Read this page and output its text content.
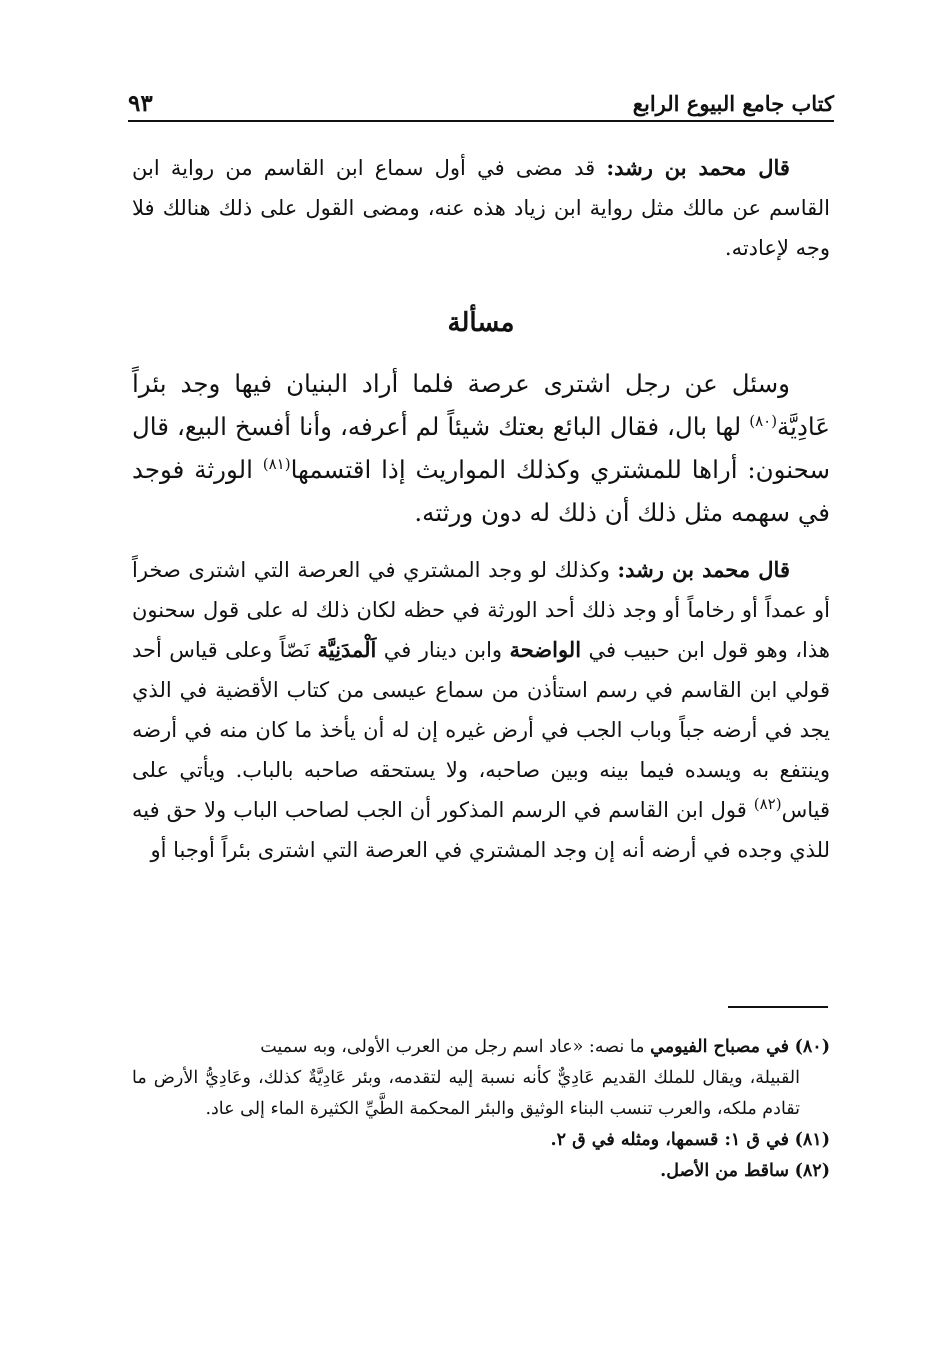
كتاب جامع البيوع الرابع
٩٣

قال محمد بن رشد: قد مضى في أول سماع ابن القاسم من رواية ابن القاسم عن مالك مثل رواية ابن زياد هذه عنه، ومضى القول على ذلك هنالك فلا وجه لإعادته.

مسألة

وسئل عن رجل اشترى عرصة فلما أراد البنيان فيها وجد بئراً عَادِيَّة$^{(٨٠)}$ لها بال، فقال البائع بعتك شيئاً لم أعرفه، وأنا أفسخ البيع، قال سحنون: أراها للمشتري وكذلك المواريث إذا اقتسمها$^{(٨١)}$ الورثة فوجد في سهمه مثل ذلك أن ذلك له دون ورثته.

قال محمد بن رشد: وكذلك لو وجد المشتري في العرصة التي اشترى صخراً أو عمداً أو رخاماً أو وجد ذلك أحد الورثة في حظه لكان ذلك له على قول سحنون هذا، وهو قول ابن حبيب في الواضحة وابن دينار في اَلْمدَنِيَّة نَصّاً وعلى قياس أحد قولي ابن القاسم في رسم استأذن من سماع عيسى من كتاب الأقضية في الذي يجد في أرضه جباً وباب الجب في أرض غيره إن له أن يأخذ ما كان منه في أرضه وينتفع به ويسده فيما بينه وبين صاحبه، ولا يستحقه صاحبه بالباب. ويأتي على قياس$^{(٨٢)}$ قول ابن القاسم في الرسم المذكور أن الجب لصاحب الباب ولا حق فيه للذي وجده في أرضه أنه إن وجد المشتري في العرصة التي اشترى بئراً أوجبا أو

(٨٠) في مصباح الفيومي ما نصه: «عاد اسم رجل من العرب الأولى، وبه سميت

القبيلة، ويقال للملك القديم عَادِيٌّ كأنه نسبة إليه لتقدمه، وبئر عَادِيَّةٌ كذلك، وعَادِيُّ الأرض ما تقادم ملكه، والعرب تنسب البناء الوثيق والبئر المحكمة الطَّيِّ الكثيرة الماء إلى عاد.

(٨١) في ق ١: قسمها، ومثله في ق ٢.

(٨٢) ساقط من الأصل.
